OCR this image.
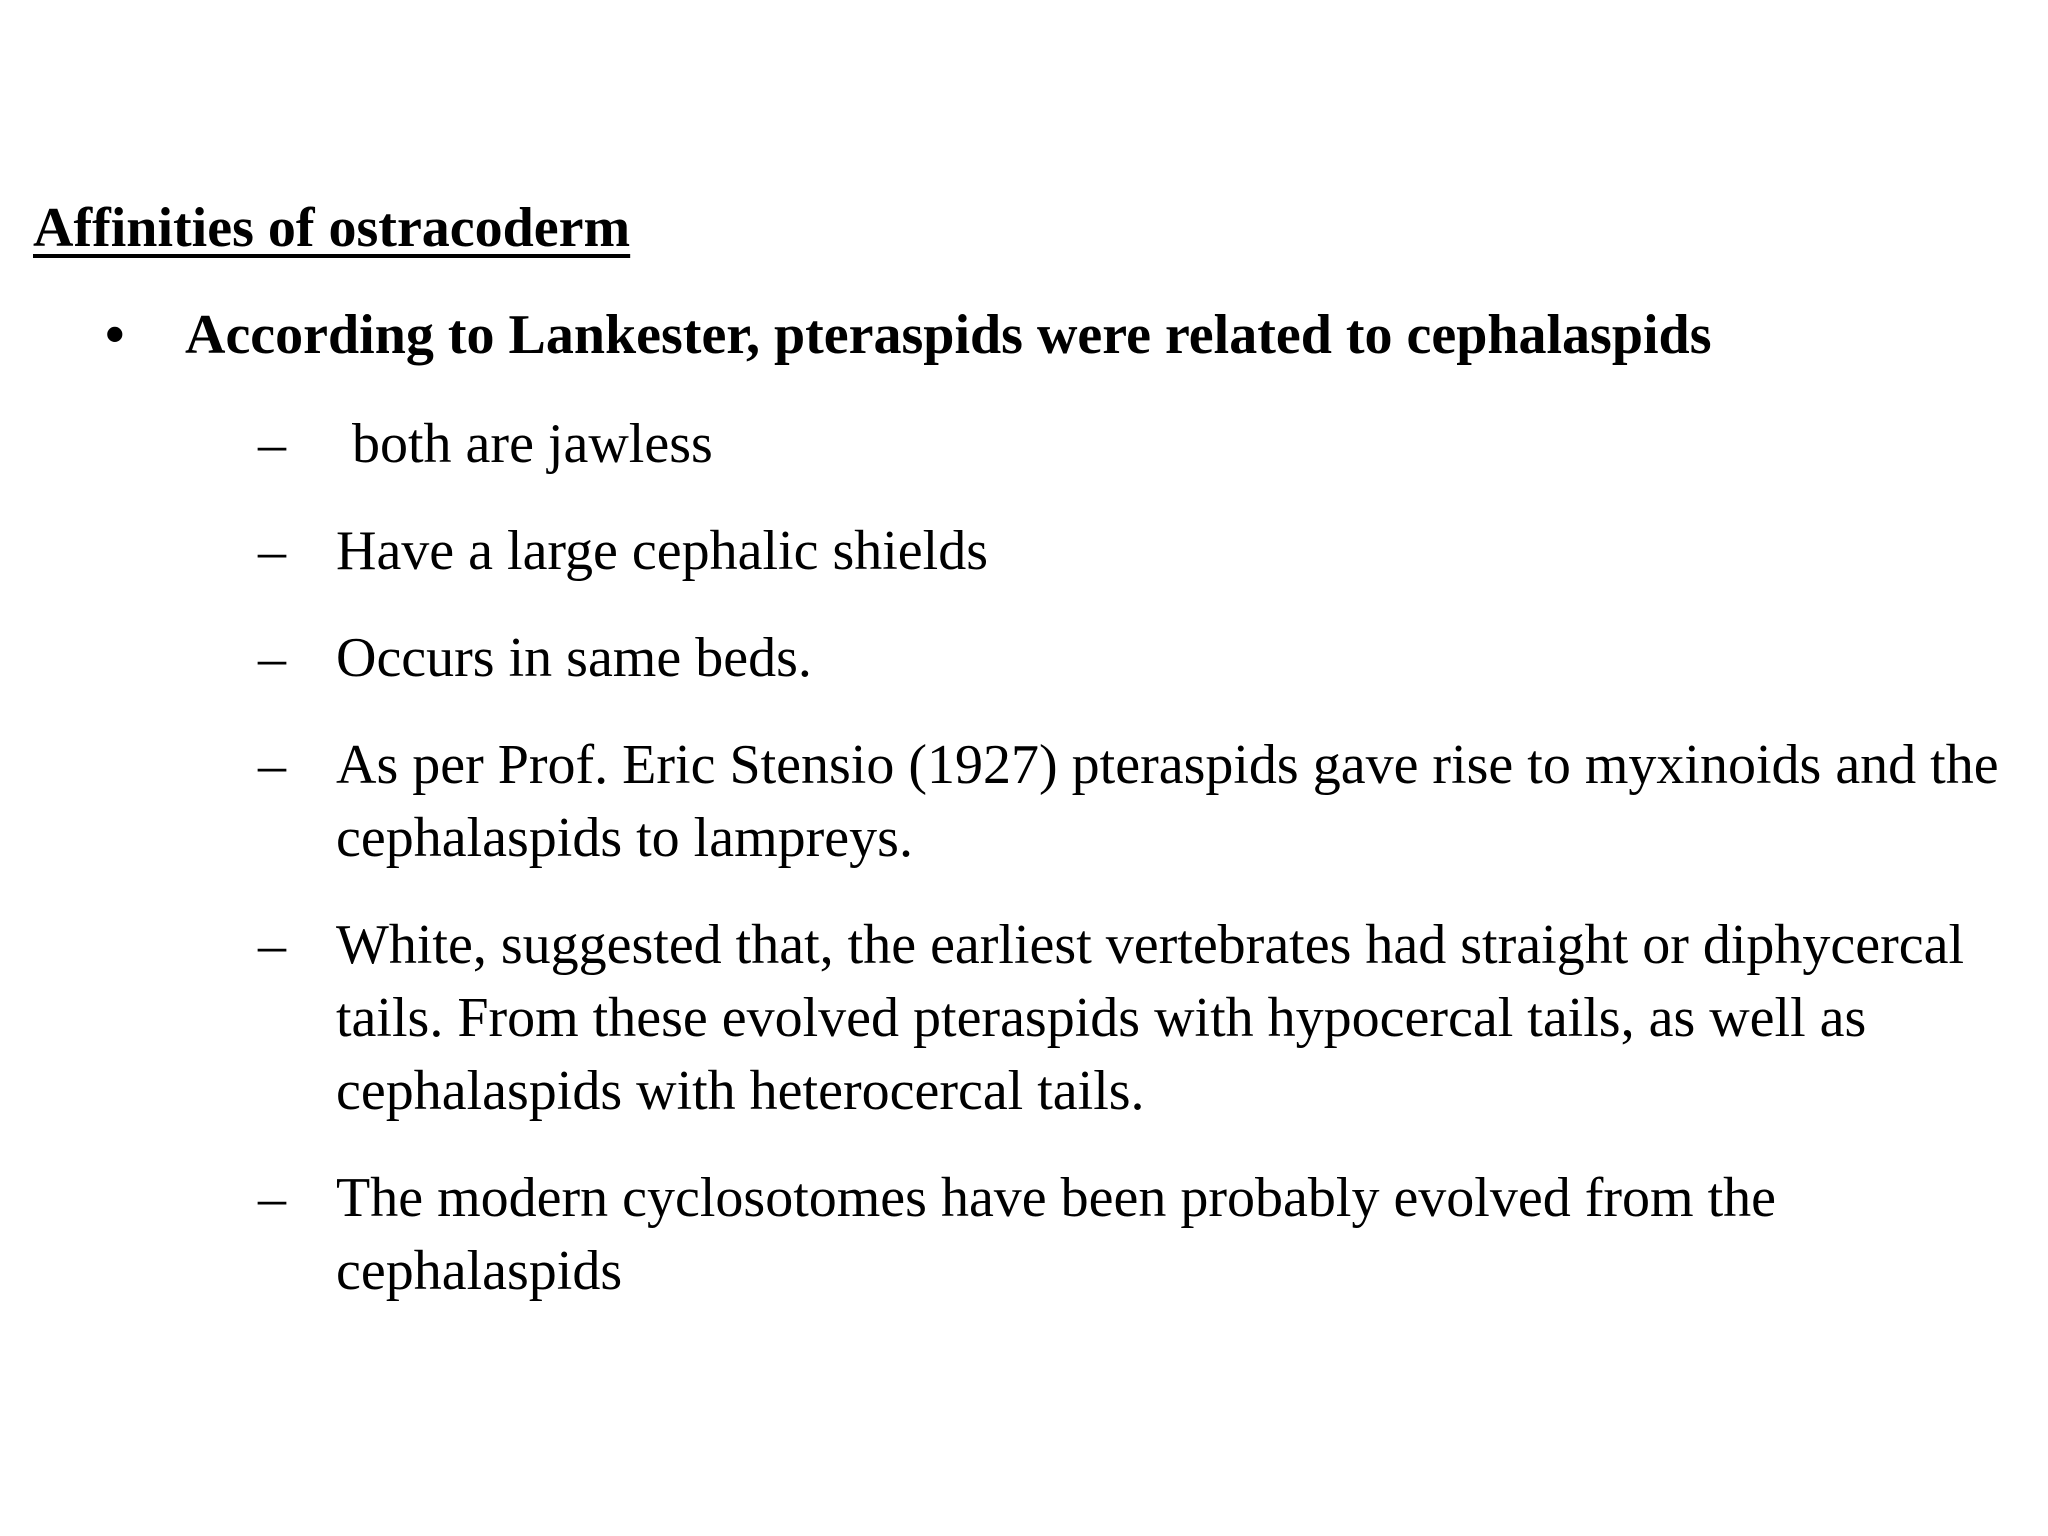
Affinities of ostracoderm
•	According to Lankester, pteraspids were related to cephalaspids
– both are jawless
– Have a large cephalic shields
– Occurs in same beds.
– As per Prof. Eric Stensio (1927) pteraspids gave rise to myxinoids and the cephalaspids to lampreys.
– White, suggested that, the earliest vertebrates had straight or diphycercal tails. From these evolved pteraspids with hypocercal tails, as well as cephalaspids with heterocercal tails.
– The modern cyclosotomes have been probably evolved from the cephalaspids
